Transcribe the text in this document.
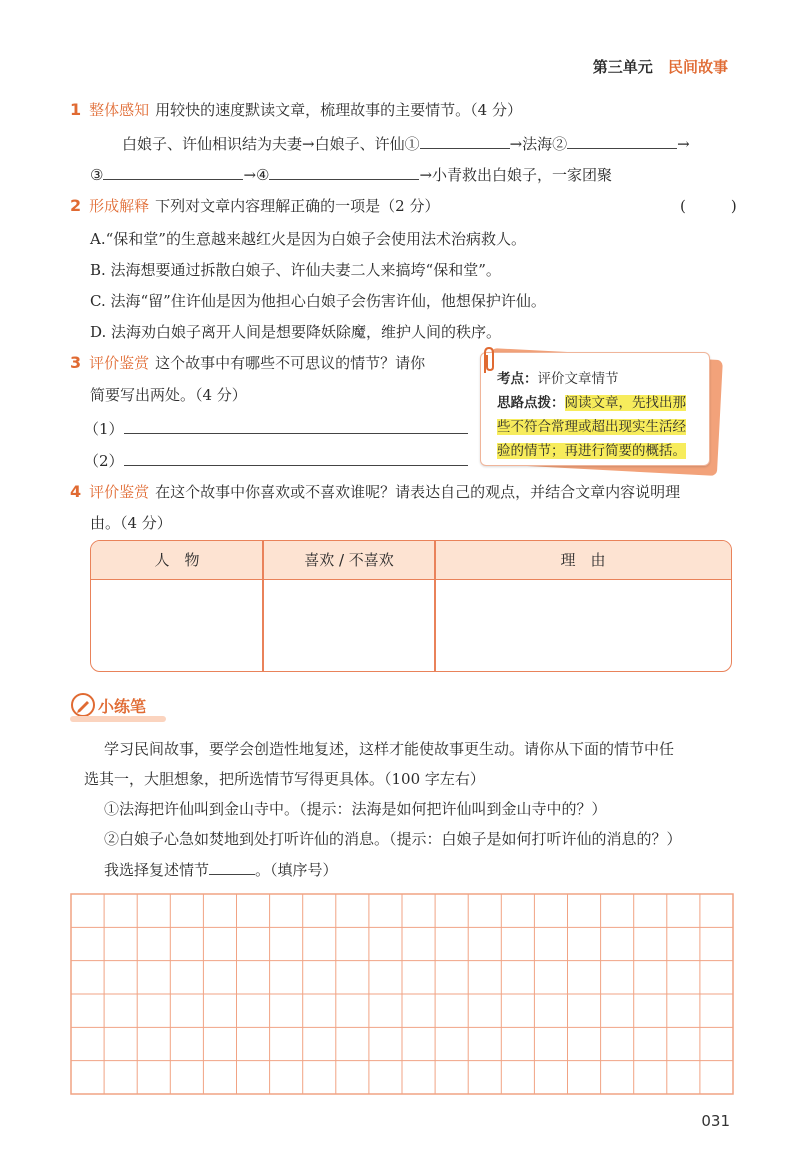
第三单元 民间故事
1 整体感知 用较快的速度默读文章，梳理故事的主要情节。（4 分）
白娘子、许仙相识结为夫妻→白娘子、许仙①	→法海②	→
③	→④	→小青救出白娘子，一家团聚
2 形成解释 下列对文章内容理解正确的一项是（2 分）	(　　　)
A.“保和堂”的生意越来越红火是因为白娘子会使用法术治病救人。
B. 法海想要通过拆散白娘子、许仙夫妻二人来搞垮“保和堂”。
C. 法海“留”住许仙是因为他担心白娘子会伤害许仙，他想保护许仙。
D. 法海劝白娘子离开人间是想要降妖除魔，维护人间的秩序。
3 评价鉴赏 这个故事中有哪些不可思议的情节？请你
简要写出两处。（4 分）
（1）
（2）
考点：评价文章情节
思路点拨：阅读文章，先找出那
些不符合常理或超出现实生活经
验的情节；再进行简要的概括。
4 评价鉴赏 在这个故事中你喜欢或不喜欢谁呢？请表达自己的观点，并结合文章内容说明理
由。（4 分）
人　物	喜欢 / 不喜欢	理　由
小练笔
学习民间故事，要学会创造性地复述，这样才能使故事更生动。请你从下面的情节中任
选其一，大胆想象，把所选情节写得更具体。（100 字左右）
①法海把许仙叫到金山寺中。（提示：法海是如何把许仙叫到金山寺中的？）
②白娘子心急如焚地到处打听许仙的消息。（提示：白娘子是如何打听许仙的消息的？）
我选择复述情节	。（填序号）
031
